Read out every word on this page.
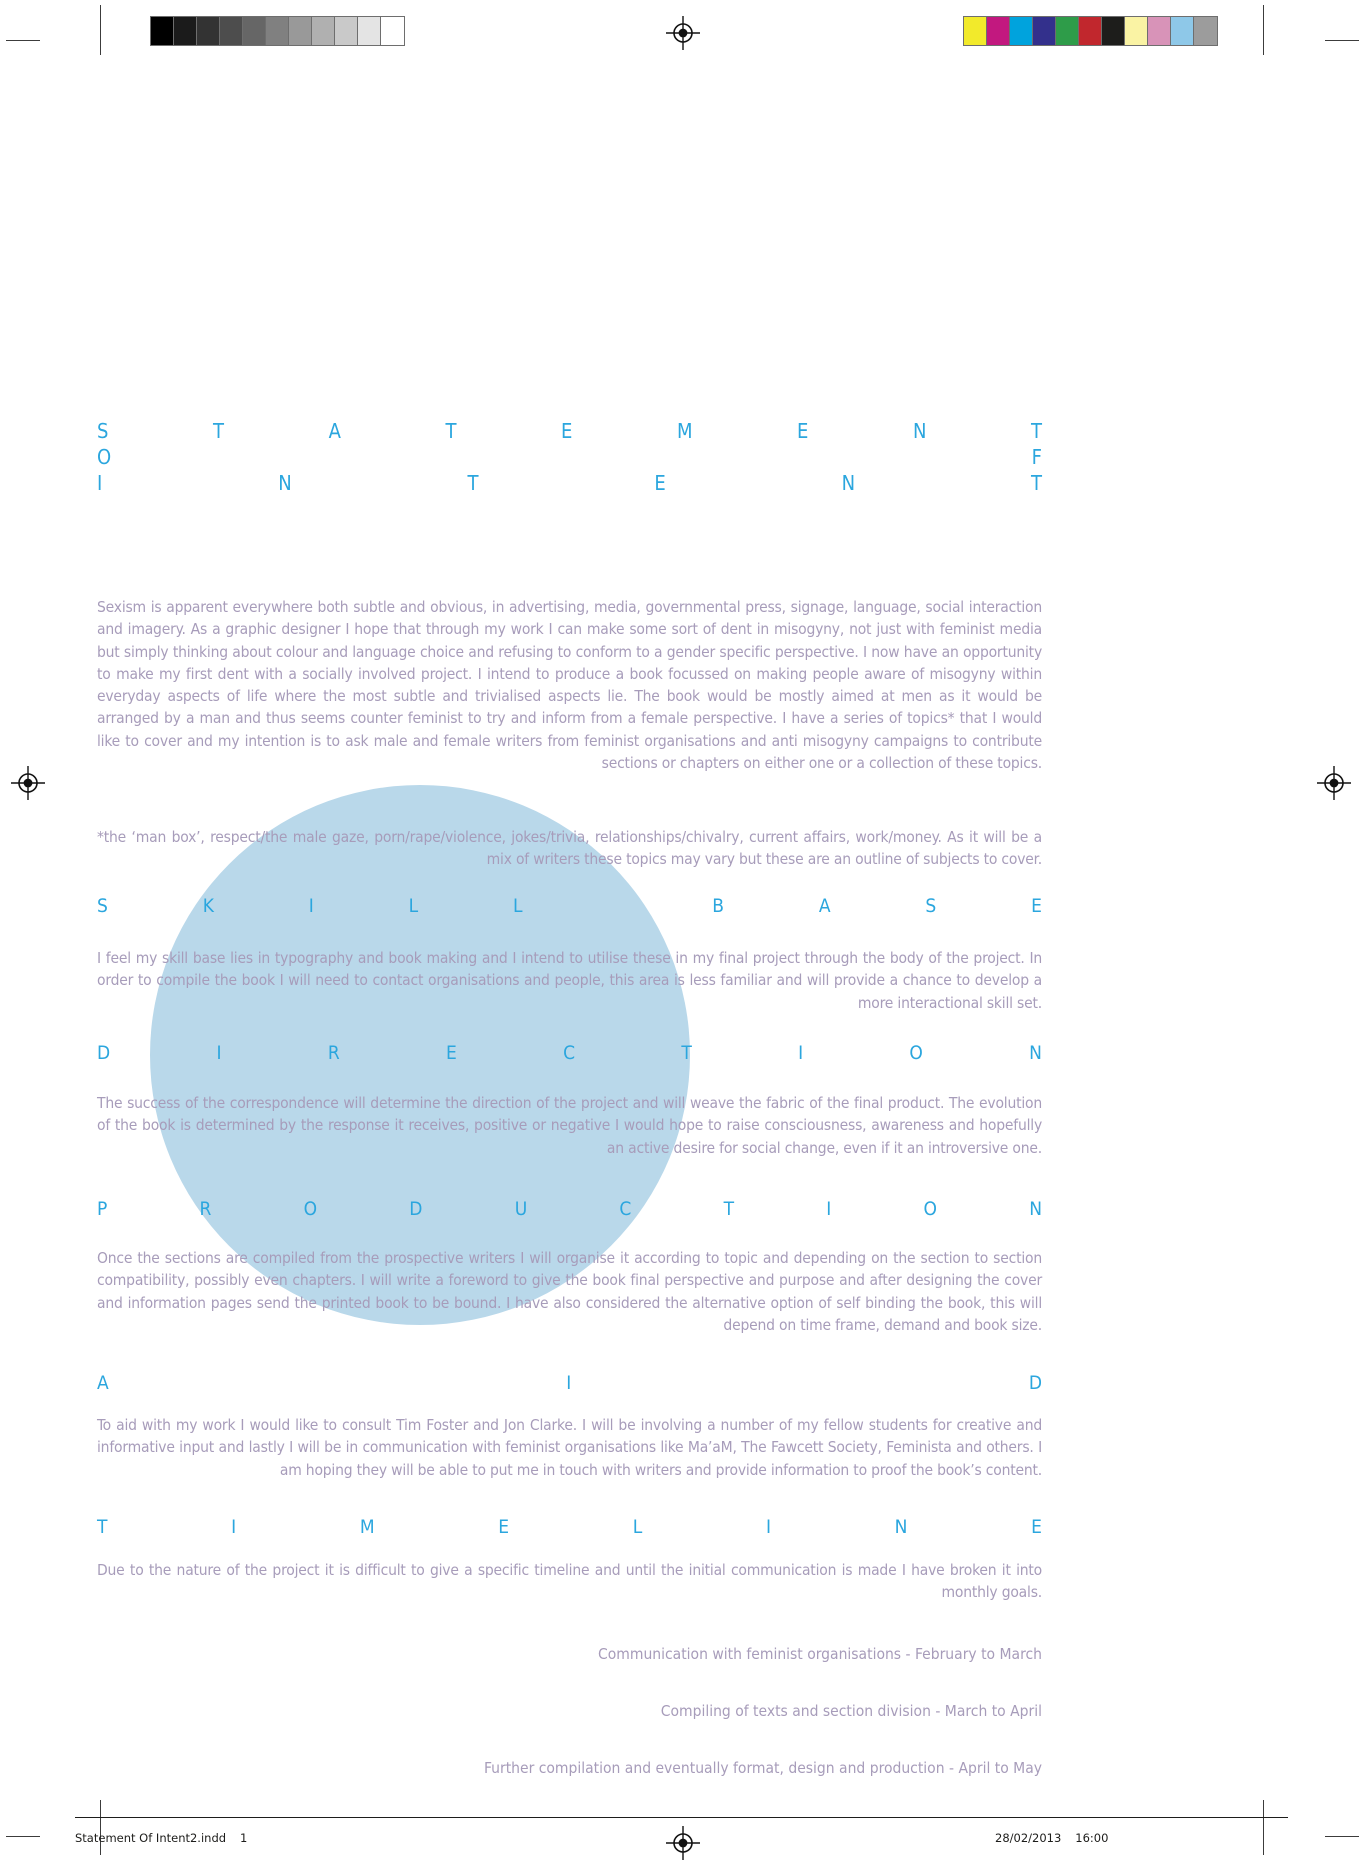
S	T	A	T	E	M	E	N	T
O	F
I	N	T	E	N	T
Sexism is apparent everywhere both subtle and obvious, in advertising, media, governmental press, signage, language, social interaction and imagery. As a graphic designer I hope that through my work I can make some sort of dent in misogyny, not just with feminist media but simply thinking about colour and language choice and refusing to conform to a gender specific perspective. I now have an opportunity to make my first dent with a socially involved project. I intend to produce a book focussed on making people aware of misogyny within everyday aspects of life where the most subtle and trivialised aspects lie. The book would be mostly aimed at men as it would be arranged by a man and thus seems counter feminist to try and inform from a female perspective. I have a series of topics* that I would like to cover and my intention is to ask male and female writers from feminist organisations and anti misogyny campaigns to contribute sections or chapters on either one or a collection of these topics.
*the ‘man box’, respect/the male gaze, porn/rape/violence, jokes/trivia, relationships/chivalry, current affairs, work/money. As it will be a mix of writers these topics may vary but these are an outline of subjects to cover.
S	K	I	L	L	B	A	S	E
I feel my skill base lies in typography and book making and I intend to utilise these in my final project through the body of the project. In order to compile the book I will need to contact organisations and people, this area is less familiar and will provide a chance to develop a more interactional skill set.
D	I	R	E	C	T	I	O	N
The success of the correspondence will determine the direction of the project and will weave the fabric of the final product. The evolution of the book is determined by the response it receives, positive or negative I would hope to raise consciousness, awareness and hopefully an active desire for social change, even if it an introversive one.
P	R	O	D	U	C	T	I	O	N
Once the sections are compiled from the prospective writers I will organise it according to topic and depending on the section to section compatibility, possibly even chapters. I will write a foreword to give the book final perspective and purpose and after designing the cover and information pages send the printed book to be bound. I have also considered the alternative option of self binding the book, this will depend on time frame, demand and book size.
A	I	D
To aid with my work I would like to consult Tim Foster and Jon Clarke. I will be involving a number of my fellow students for creative and informative input and lastly I will be in communication with feminist organisations like Ma’aM, The Fawcett Society, Feminista and others. I am hoping they will be able to put me in touch with writers and provide information to proof the book’s content.
T	I	M	E	L	I	N	E
Due to the nature of the project it is difficult to give a specific timeline and until the initial communication is made I have broken it into monthly goals.
Communication with feminist organisations - February to March
Compiling of texts and section division - March to April
Further compilation and eventually format, design and production - April to May
Statement Of Intent2.indd 1	28/02/2013 16:00
